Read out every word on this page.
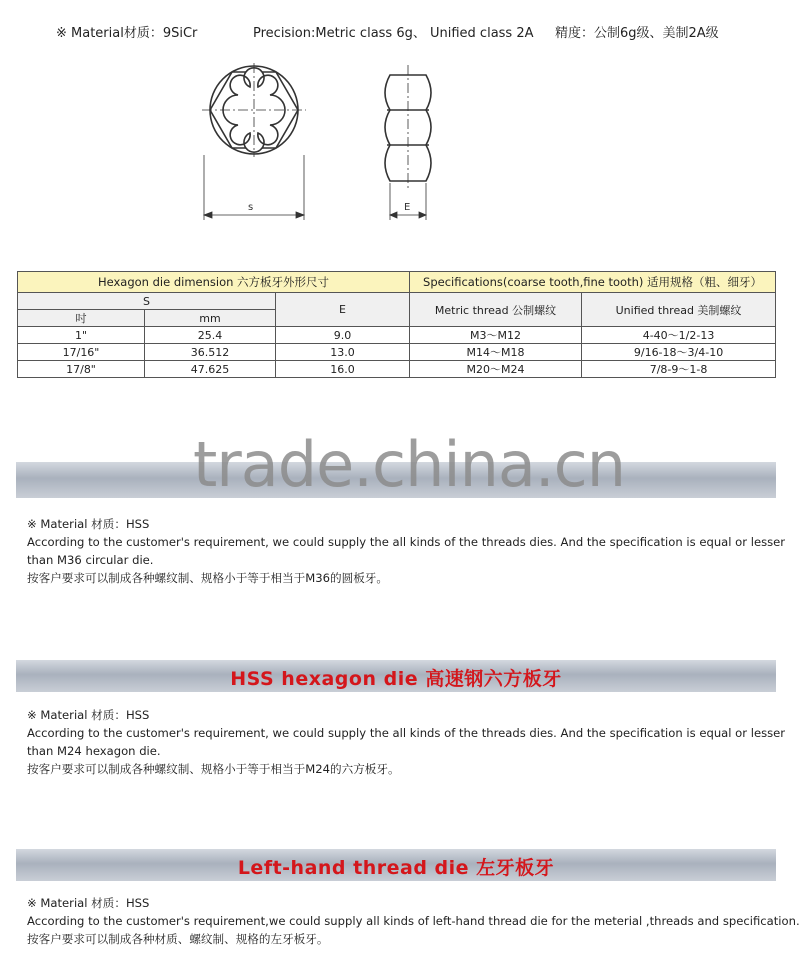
※ Material材质：9SiCr	Precision:Metric class 6g、 Unified class 2A 精度：公制6g级、美制2A级
s	E
Hexagon die dimension 六方板牙外形尺寸			Specifications(coarse tooth,fine tooth) 适用规格（粗、细牙）	
S		E	Metric thread 公制螺纹	Unified thread 美制螺纹
吋	mm			
1"	25.4	9.0	M3～M12	4-40～1/2-13
17/16"	36.512	13.0	M14～M18	9/16-18～3/4-10
17/8"	47.625	16.0	M20～M24	7/8-9～1-8
trade.china.cn
※ Material 材质：HSS
According to the customer's requirement, we could supply the all kinds of the threads dies. And the specification is equal or lesser
than M36 circular die.
按客户要求可以制成各种螺纹制、规格小于等于相当于M36的圆板牙。
HSS hexagon die 高速钢六方板牙
※ Material 材质：HSS
According to the customer's requirement, we could supply the all kinds of the threads dies. And the specification is equal or lesser
than M24 hexagon die.
按客户要求可以制成各种螺纹制、规格小于等于相当于M24的六方板牙。
Left-hand thread die 左牙板牙
※ Material 材质：HSS
According to the customer's requirement,we could supply all kinds of left-hand thread die for the meterial ,threads and specification.
按客户要求可以制成各种材质、螺纹制、规格的左牙板牙。
